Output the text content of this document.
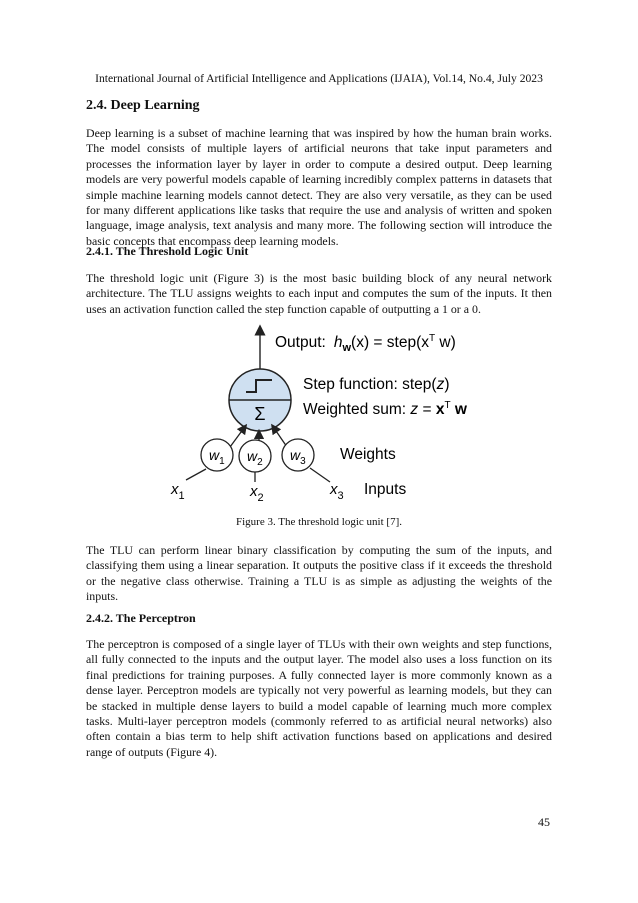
International Journal of Artificial Intelligence and Applications (IJAIA), Vol.14, No.4, July 2023
2.4. Deep Learning

Deep learning is a subset of machine learning that was inspired by how the human brain works. The model consists of multiple layers of artificial neurons that take input parameters and processes the information layer by layer in order to compute a desired output. Deep learning models are very powerful models capable of learning incredibly complex patterns in datasets that simple machine learning models cannot detect. They are also very versatile, as they can be used for many different applications like tasks that require the use and analysis of written and spoken language, image analysis, text analysis and many more. The following section will introduce the basic concepts that encompass deep learning models.

2.4.1. The Threshold Logic Unit

The threshold logic unit (Figure 3) is the most basic building block of any neural network architecture. The TLU assigns weights to each input and computes the sum of the inputs. It then uses an activation function called the step function capable of outputting a 1 or a 0.

Σ
$w_1$ $w_2$ $w_3$
$x_1$	$x_2$	$x_3$
Output: $h_w(x)$ = $step(x^T$ w)
Step function: step(z)
Weighted sum: $z = x^T$ w
Weights
Inputs
Figure 3. The threshold logic unit [7].

The TLU can perform linear binary classification by computing the sum of the inputs, and classifying them using a linear separation. It outputs the positive class if it exceeds the threshold or the negative class otherwise. Training a TLU is as simple as adjusting the weights of the inputs.

2.4.2. The Perceptron

The perceptron is composed of a single layer of TLUs with their own weights and step functions, all fully connected to the inputs and the output layer. The model also uses a loss function on its final predictions for training purposes. A fully connected layer is more commonly known as a dense layer. Perceptron models are typically not very powerful as learning models, but they can be stacked in multiple dense layers to build a model capable of learning much more complex tasks. Multi-layer perceptron models (commonly referred to as artificial neural networks) also often contain a bias term to help shift activation functions based on applications and desired range of outputs (Figure 4).

45
